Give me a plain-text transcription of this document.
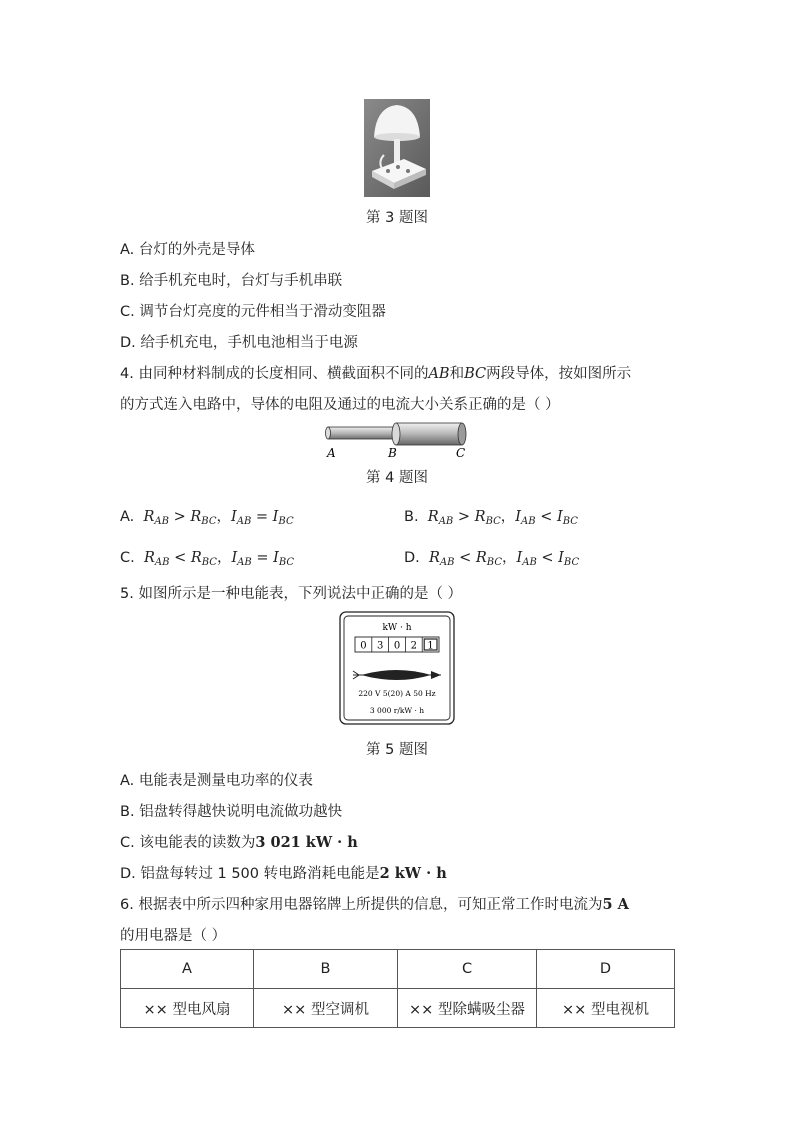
第 3 题图
A. 台灯的外壳是导体
B. 给手机充电时，台灯与手机串联
C. 调节台灯亮度的元件相当于滑动变阻器
D. 给手机充电，手机电池相当于电源
4. 由同种材料制成的长度相同、横截面积不同的AB和BC两段导体，按如图所示
的方式连入电路中，导体的电阻及通过的电流大小关系正确的是（ ）
A	B	C
第 4 题图
A. $R_{AB} > R_{BC}$，$I_{AB} = I_{BC}$	B. $R_{AB} > R_{BC}$，$I_{AB} < I_{BC}$
C. $R_{AB} < R_{BC}$，$I_{AB} = I_{BC}$	D. $R_{AB} < R_{BC}$，$I_{AB} < I_{BC}$
5. 如图所示是一种电能表，下列说法中正确的是（ ）
kW · h
0 3 0 2 1
220 V 5(20) A 50 Hz
3 000 r/kW · h
第 5 题图
A. 电能表是测量电功率的仪表
B. 铝盘转得越快说明电流做功越快
C. 该电能表的读数为3 021 kW · h
D. 铝盘每转过 1 500 转电路消耗电能是2 kW · h
6. 根据表中所示四种家用电器铭牌上所提供的信息，可知正常工作时电流为5 A
的用电器是（ ）
A	B	C	D
×× 型电风扇	×× 型空调机	×× 型除螨吸尘器	×× 型电视机
